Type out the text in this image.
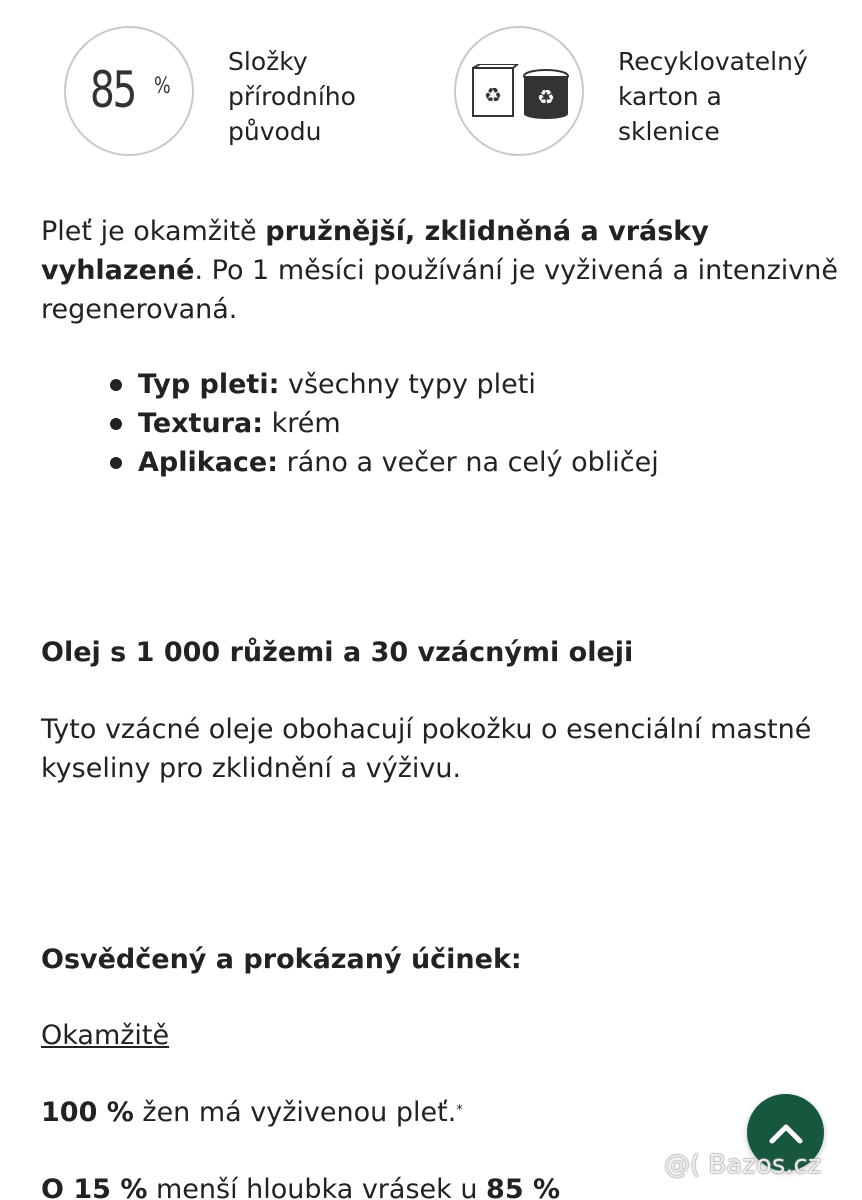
85 %
Složky
přírodního
původu
♻ ♻
Recyklovatelný
karton a
sklenice
Pleť je okamžitě pružnější, zklidněná a vrásky vyhlazené. Po 1 měsíci používání je vyživená a intenzivně regenerovaná.
Typ pleti: všechny typy pleti
Textura: krém
Aplikace: ráno a večer na celý obličej
Olej s 1 000 růžemi a 30 vzácnými oleji
Tyto vzácné oleje obohacují pokožku o esenciální mastné kyseliny pro zklidnění a výživu.
Osvědčený a prokázaný účinek:
Okamžitě
100 % žen má vyživenou pleť.*
O 15 % menší hloubka vrásek u 85 %
@( Bazos.cz
